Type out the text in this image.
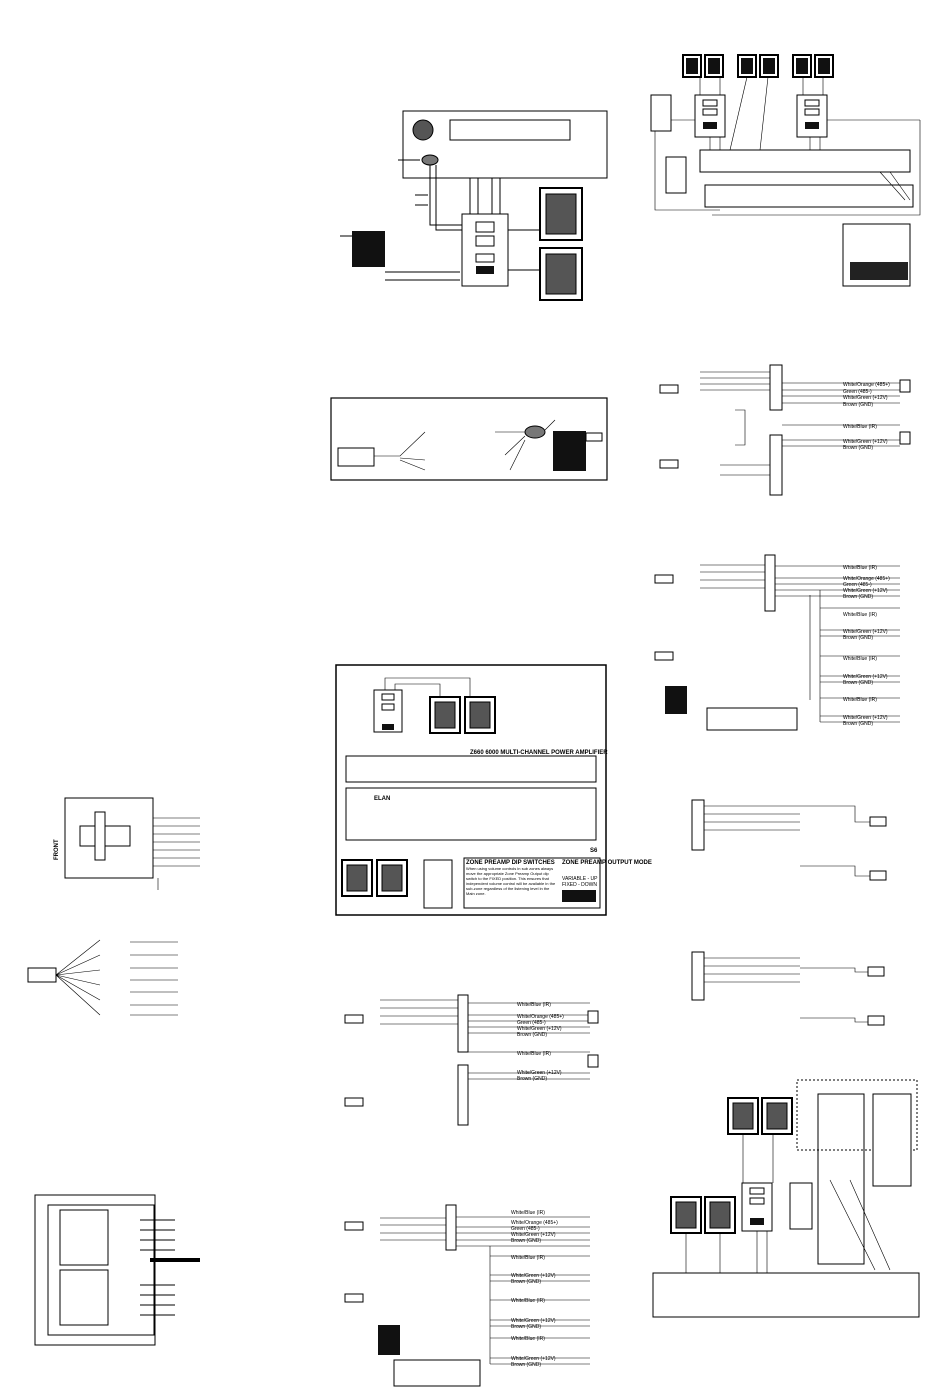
White/Orange (485+)
Green (485-)
White/Green (+12V)
Brown (GND)
White/Blue (IR)
White/Green (+12V)
Brown (GND)
White/Blue (IR)
White/Orange (485+)
Green (485-)
White/Green (+12V)
Brown (GND)
White/Blue (IR)
White/Green (+12V)
Brown (GND)
White/Blue (IR)
White/Green (+12V)
Brown (GND)
White/Blue (IR)
White/Green (+12V)
Brown (GND)
Z660 6000 MULTI-CHANNEL POWER AMPLIFIER
ELAN
S6
ZONE PREAMP DIP SWITCHES
When using volume controls in sub zones always move the appropriate Zone Preamp Output dip switch to the FIXED position. This ensures that independent volume control will be available in the sub-zone regardless of the listening level in the Main zone.
ZONE PREAMP OUTPUT MODE
VARIABLE - UP
FIXED - DOWN
FRONT
White/Blue (IR)
White/Orange (485+)
Green (485-)
White/Green (+12V)
Brown (GND)
White/Blue (IR)
White/Green (+12V)
Brown (GND)
White/Blue (IR)
White/Orange (485+)
Green (485-)
White/Green (+12V)
Brown (GND)
White/Blue (IR)
White/Green (+12V)
Brown (GND)
White/Blue (IR)
White/Green (+12V)
Brown (GND)
White/Blue (IR)
White/Green (+12V)
Brown (GND)
